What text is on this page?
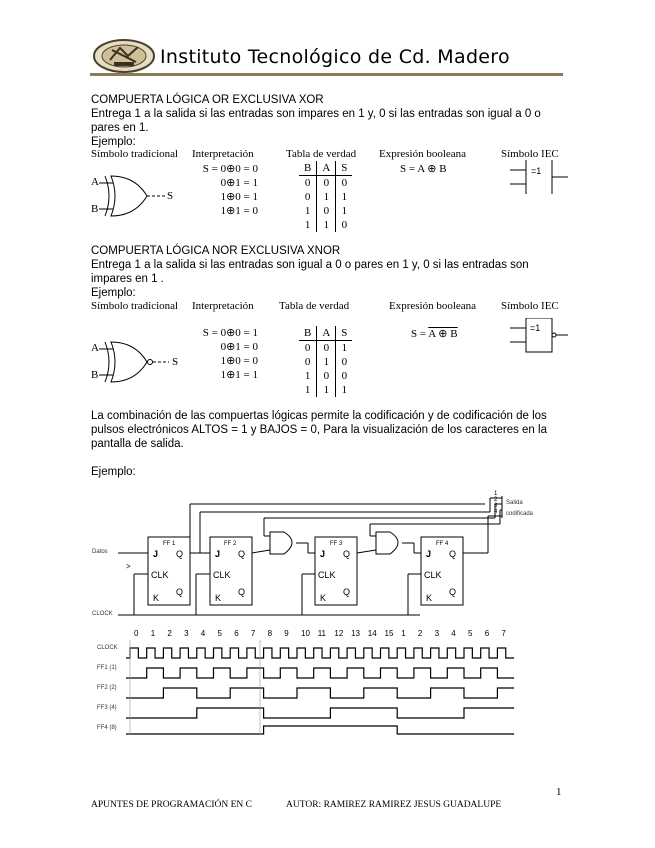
Instituto Tecnológico de Cd. Madero
COMPUERTA LÓGICA OR EXCLUSIVA XOR
Entrega 1 a la salida si las entradas son impares en 1 y, 0 si las entradas son igual a 0 o
pares en 1.
Ejemplo:
Símbolo tradicional Interpretación	Tabla de verdad Expresión booleana	Símbolo IEC
A
B
S
S = 0⊕0 = 0
0⊕1 = 1
1⊕0 = 1
1⊕1 = 0
B	A	S
0	0	0
0	1	1
1	0	1
1	1	0
S = A ⊕ B	=1
COMPUERTA LÓGICA NOR EXCLUSIVA XNOR
Entrega 1 a la salida si las entradas son igual a 0 o pares en 1 y, 0 si las entradas son
impares en 1 .
Ejemplo:
Símbolo tradicional Interpretación Tabla de verdad	Expresión booleana Símbolo IEC
A
B
S
S = 0⊕0 = 1
0⊕1 = 0
1⊕0 = 0
1⊕1 = 1
B	A	S
0	0	1
0	1	0
1	0	0
1	1	1
S = A ⊕ B	=1
La combinación de las compuertas lógicas permite la codificación y de codificación de los
pulsos electrónicos ALTOS = 1 y BAJOS = 0, Para la visualización de los caracteres en la
pantalla de salida.
Ejemplo:
>
Datos
CLOCK
Salida
codificada
1
2
3
4
FF 1	FF 2	FF 3	FF 4
J Q
CLK
K
Q
J Q
CLK
K
Q
J Q
CLK
K
Q
J Q
CLK
K
Q
0 1 2 3 4 5 6 7 8 9 10 11 12 13 14 15 1 2 3 4 5 6 7
CLOCK
FF1 (1)
FF2 (2)
FF3 (4)
FF4 (8)
1
APUNTES DE PROGRAMACIÓN EN C	AUTOR: RAMIREZ RAMIREZ JESUS GUADALUPE
